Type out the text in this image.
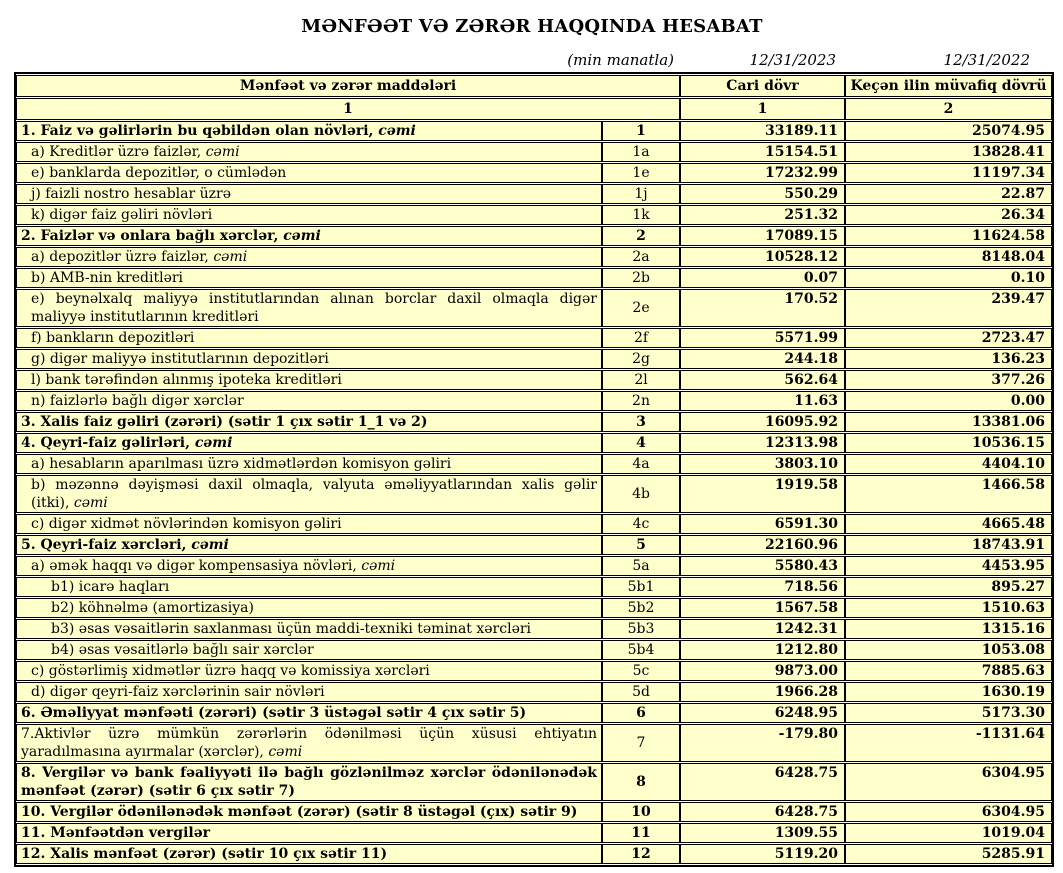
MƏNFƏƏT VƏ ZƏRƏR HAQQINDA HESABAT
(min manatla)	12/31/2023	12/31/2022
Mənfəət və zərər maddələri		Cari dövr	Keçən ilin müvafiq dövrü
1		1	2
1. Faiz və gəlirlərin bu qəbildən olan növləri, cəmi	1	33189.11	25074.95
a) Kreditlər üzrə faizlər, cəmi	1a	15154.51	13828.41
e) banklarda depozitlər, o cümlədən	1e	17232.99	11197.34
j) faizli nostro hesablar üzrə	1j	550.29	22.87
k) digər faiz gəliri növləri	1k	251.32	26.34
2. Faizlər və onlara bağlı xərclər, cəmi	2	17089.15	11624.58
a) depozitlər üzrə faizlər, cəmi	2a	10528.12	8148.04
b) AMB-nin kreditləri	2b	0.07	0.10
e) beynəlxalq maliyyə institutlarından alınan borclar daxil olmaqla digər maliyyə institutlarının kreditləri	2e	170.52	239.47
f) bankların depozitləri	2f	5571.99	2723.47
g) digər maliyyə institutlarının depozitləri	2g	244.18	136.23
l) bank tərəfindən alınmış ipoteka kreditləri	2l	562.64	377.26
n) faizlərlə bağlı digər xərclər	2n	11.63	0.00
3. Xalis faiz gəliri (zərəri) (sətir 1 çıx sətir 1_1 və 2)	3	16095.92	13381.06
4. Qeyri-faiz gəlirləri, cəmi	4	12313.98	10536.15
a) hesabların aparılması üzrə xidmətlərdən komisyon gəliri	4a	3803.10	4404.10
b) məzənnə dəyişməsi daxil olmaqla, valyuta əməliyyatlarından xalis gəlir (itki), cəmi	4b	1919.58	1466.58
c) digər xidmət növlərindən komisyon gəliri	4c	6591.30	4665.48
5. Qeyri-faiz xərcləri, cəmi	5	22160.96	18743.91
a) əmək haqqı və digər kompensasiya növləri, cəmi	5a	5580.43	4453.95
b1) icarə haqları	5b1	718.56	895.27
b2) köhnəlmə (amortizasiya)	5b2	1567.58	1510.63
b3) əsas vəsaitlərin saxlanması üçün maddi-texniki təminat xərcləri	5b3	1242.31	1315.16
b4) əsas vəsaitlərlə bağlı sair xərclər	5b4	1212.80	1053.08
c) göstərlimiş xidmətlər üzrə haqq və komissiya xərcləri	5c	9873.00	7885.63
d) digər qeyri-faiz xərclərinin sair növləri	5d	1966.28	1630.19
6. Əməliyyat mənfəəti (zərəri) (sətir 3 üstəgəl sətir 4 çıx sətir 5)	6	6248.95	5173.30
7.Aktivlər üzrə mümkün zərərlərin ödənilməsi üçün xüsusi ehtiyatın yaradılmasına ayırmalar (xərclər), cəmi	7	-179.80	-1131.64
8. Vergilər və bank fəaliyyəti ilə bağlı gözlənilməz xərclər ödənilənədək mənfəət (zərər) (sətir 6 çıx sətir 7)	8	6428.75	6304.95
10. Vergilər ödənilənədək mənfəət (zərər) (sətir 8 üstəgəl (çıx) sətir 9)	10	6428.75	6304.95
11. Mənfəətdən vergilər	11	1309.55	1019.04
12. Xalis mənfəət (zərər) (sətir 10 çıx sətir 11)	12	5119.20	5285.91
